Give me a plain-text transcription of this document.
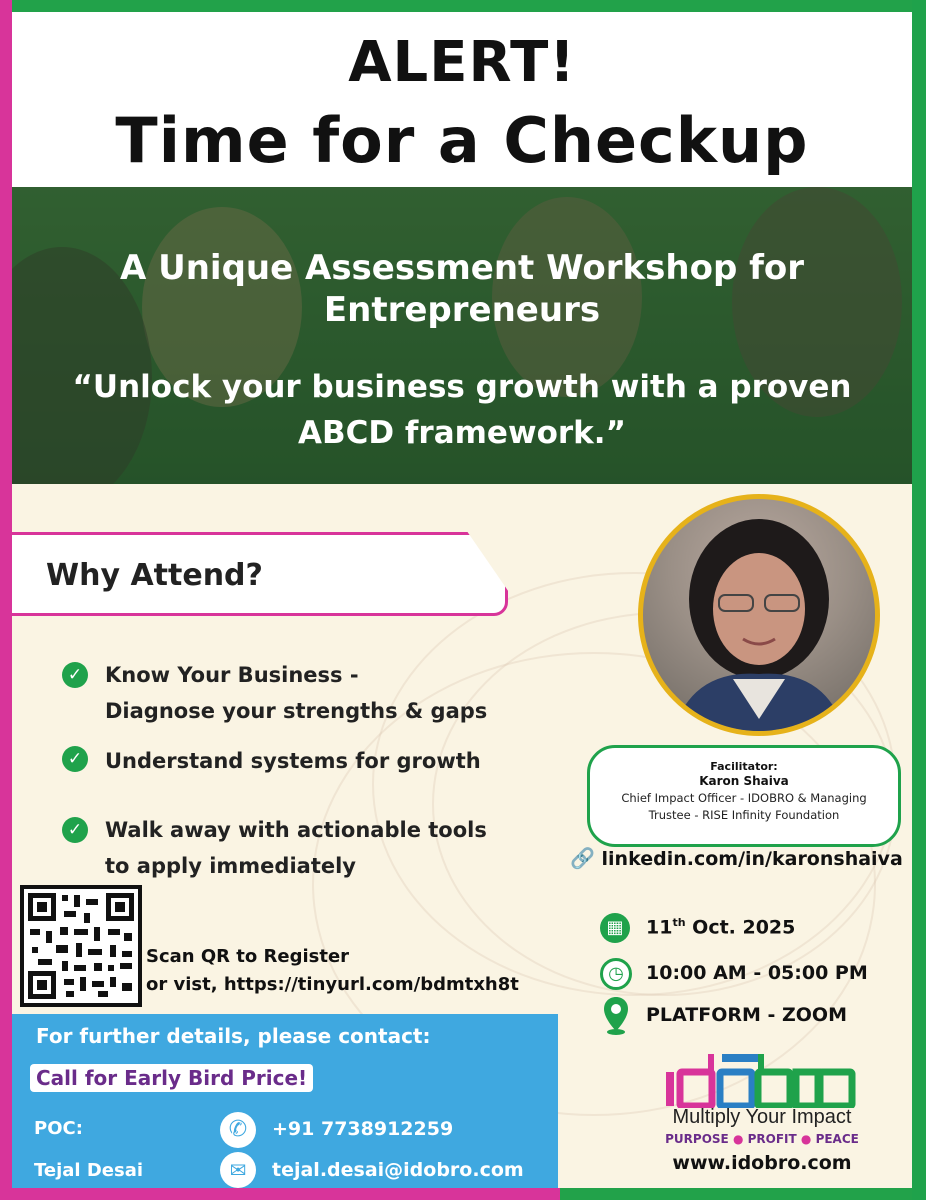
ALERT!
Time for a Checkup
A Unique Assessment Workshop for
Entrepreneurs
“Unlock your business growth with a proven
ABCD framework.”
Why Attend?
✓ Know Your Business -
Diagnose your strengths & gaps
✓ Understand systems for growth
✓ Walk away with actionable tools
to apply immediately
Facilitator:
Karon Shaiva
Chief Impact Officer - IDOBRO & Managing
Trustee - RISE Infinity Foundation
🔗 linkedin.com/in/karonshaiva
▦	11th Oct. 2025
◷	10:00 AM - 05:00 PM
PLATFORM - ZOOM
Scan QR to Register
or vist, https://tinyurl.com/bdmtxh8t
For further details, please contact:
Call for Early Bird Price!
POC:
Tejal Desai
✆	+91 7738912259
✉	tejal.desai@idobro.com
Multiply Your Impact
PURPOSE ● PROFIT ● PEACE
www.idobro.com
